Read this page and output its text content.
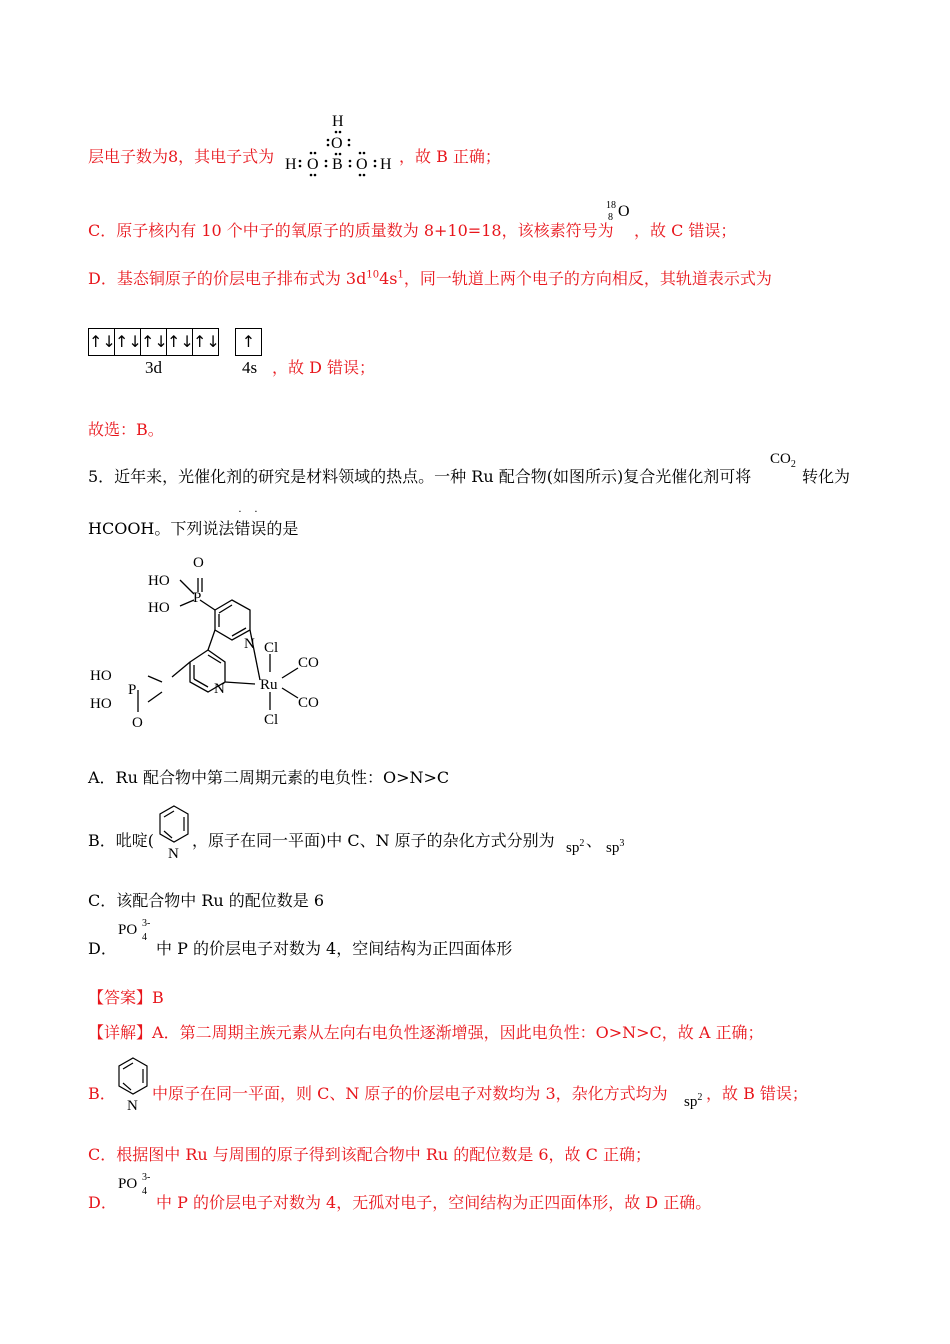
层电子数为8，其电子式为
H
O
H O B O H ，故 B 正确；
C．原子核内有 10 个中子的氧原子的质量数为 8+10=18，该核素符号为
18
8 O
，故 C 错误；
D．基态铜原子的价层电子排布式为 $3d^{10}4s^1$，同一轨道上两个电子的方向相反，其轨道表示式为
↑↓↑↓↑↓↑↓↑↓	↑
3d	4s ，故 D 错误；
故选：B。
5．近年来，光催化剂的研究是材料领域的热点。一种 Ru 配合物(如图所示)复合光催化剂可将
$CO_2$
转化为
HCOOH。下列说法
· ·
错误的是
O
HO
P
HO
N Cl
CO
HO
Ru
P	N
CO
HO
Cl
O
A．Ru 配合物中第二周期元素的电负性：O>N>C
B．吡啶(
N
，原子在同一平面)中 C、N 原子的杂化方式分别为 $sp^2$ 、 $sp^3$
C．该配合物中 Ru 的配位数是 6
D．
PO 3-
4
中 P 的价层电子对数为 4，空间结构为正四面体形
【答案】B
【详解】A．第二周期主族元素从左向右电负性逐渐增强，因此电负性：O>N>C，故 A 正确；
B．
N
中原子在同一平面，则 C、N 原子的价层电子对数均为 3，杂化方式均为 $sp^2$ ，故 B 错误；
C．根据图中 Ru 与周围的原子得到该配合物中 Ru 的配位数是 6，故 C 正确；
D．
PO 3-
4
中 P 的价层电子对数为 4，无孤对电子，空间结构为正四面体形，故 D 正确。
